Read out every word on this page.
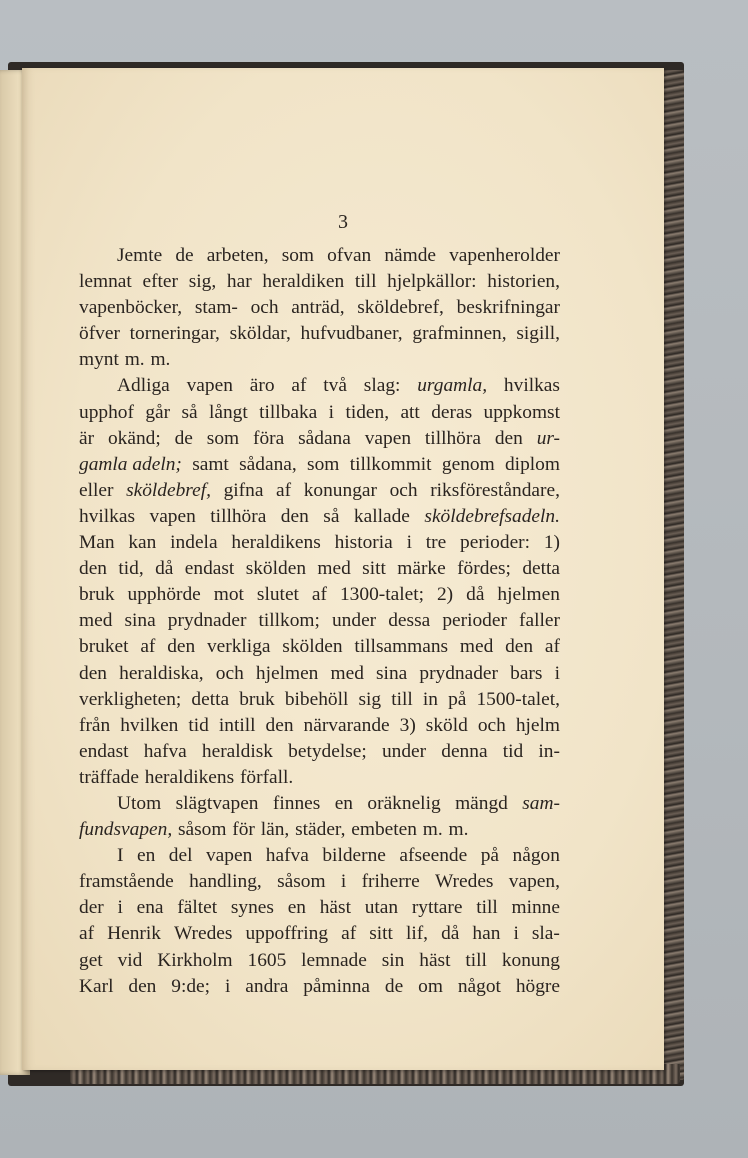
3
Jemte de arbeten, som ofvan nämde vapenherolder
lemnat efter sig, har heraldiken till hjelpkällor: historien,
vapenböcker, stam- och anträd, sköldebref, beskrifningar
öfver torneringar, sköldar, hufvudbaner, grafminnen, sigill,
mynt m. m.
Adliga vapen äro af två slag: urgamla, hvilkas
upphof går så långt tillbaka i tiden, att deras uppkomst
är okänd; de som föra sådana vapen tillhöra den ur-
gamla adeln; samt sådana, som tillkommit genom diplom
eller sköldebref, gifna af konungar och riksföreståndare,
hvilkas vapen tillhöra den så kallade sköldebrefsadeln.
Man kan indela heraldikens historia i tre perioder: 1)
den tid, då endast skölden med sitt märke fördes; detta
bruk upphörde mot slutet af 1300-talet; 2) då hjelmen
med sina prydnader tillkom; under dessa perioder faller
bruket af den verkliga skölden tillsammans med den af
den heraldiska, och hjelmen med sina prydnader bars i
verkligheten; detta bruk bibehöll sig till in på 1500-talet,
från hvilken tid intill den närvarande 3) sköld och hjelm
endast hafva heraldisk betydelse; under denna tid in-
träffade heraldikens förfall.
Utom slägtvapen finnes en oräknelig mängd sam-
fundsvapen, såsom för län, städer, embeten m. m.
I en del vapen hafva bilderne afseende på någon
framstående handling, såsom i friherre Wredes vapen,
der i ena fältet synes en häst utan ryttare till minne
af Henrik Wredes uppoffring af sitt lif, då han i sla-
get vid Kirkholm 1605 lemnade sin häst till konung
Karl den 9:de; i andra påminna de om något högre
